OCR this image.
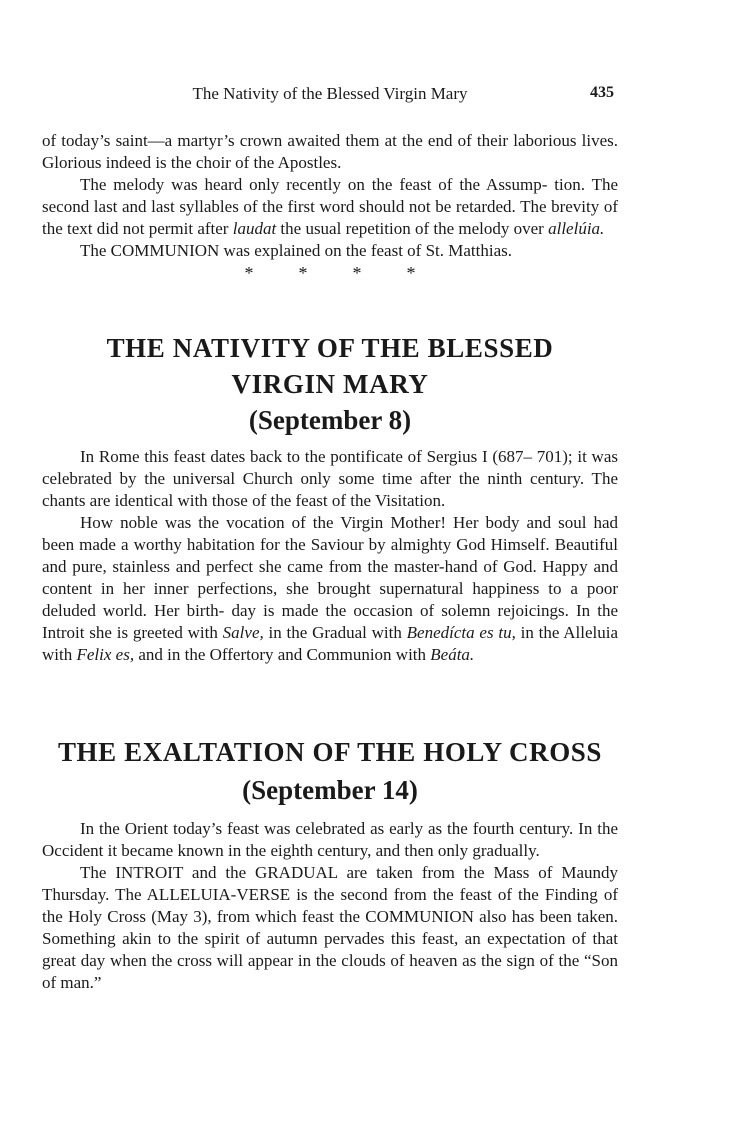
The Nativity of the Blessed Virgin Mary	435

of today’s saint—a martyr’s crown awaited them at the end of their laborious lives. Glorious indeed is the choir of the Apostles.

The melody was heard only recently on the feast of the Assump- tion. The second last and last syllables of the first word should not be retarded. The brevity of the text did not permit after laudat the usual repetition of the melody over allelúia.

The COMMUNION was explained on the feast of St. Matthias.

*	*	*	*
THE NATIVITY OF THE BLESSED
VIRGIN MARY
(September 8)

In Rome this feast dates back to the pontificate of Sergius I (687– 701); it was celebrated by the universal Church only some time after the ninth century. The chants are identical with those of the feast of the Visitation.

How noble was the vocation of the Virgin Mother! Her body and soul had been made a worthy habitation for the Saviour by almighty God Himself. Beautiful and pure, stainless and perfect she came from the master-hand of God. Happy and content in her inner perfections, she brought supernatural happiness to a poor deluded world. Her birth- day is made the occasion of solemn rejoicings. In the Introit she is greeted with Salve, in the Gradual with Benedícta es tu, in the Alleluia with Felix es, and in the Offertory and Communion with Beáta.

THE EXALTATION OF THE HOLY CROSS
(September 14)

In the Orient today’s feast was celebrated as early as the fourth century. In the Occident it became known in the eighth century, and then only gradually.

The INTROIT and the GRADUAL are taken from the Mass of Maundy Thursday. The ALLELUIA-VERSE is the second from the feast of the Finding of the Holy Cross (May 3), from which feast the COMMUNION also has been taken. Something akin to the spirit of autumn pervades this feast, an expectation of that great day when the cross will appear in the clouds of heaven as the sign of the “Son of man.”
